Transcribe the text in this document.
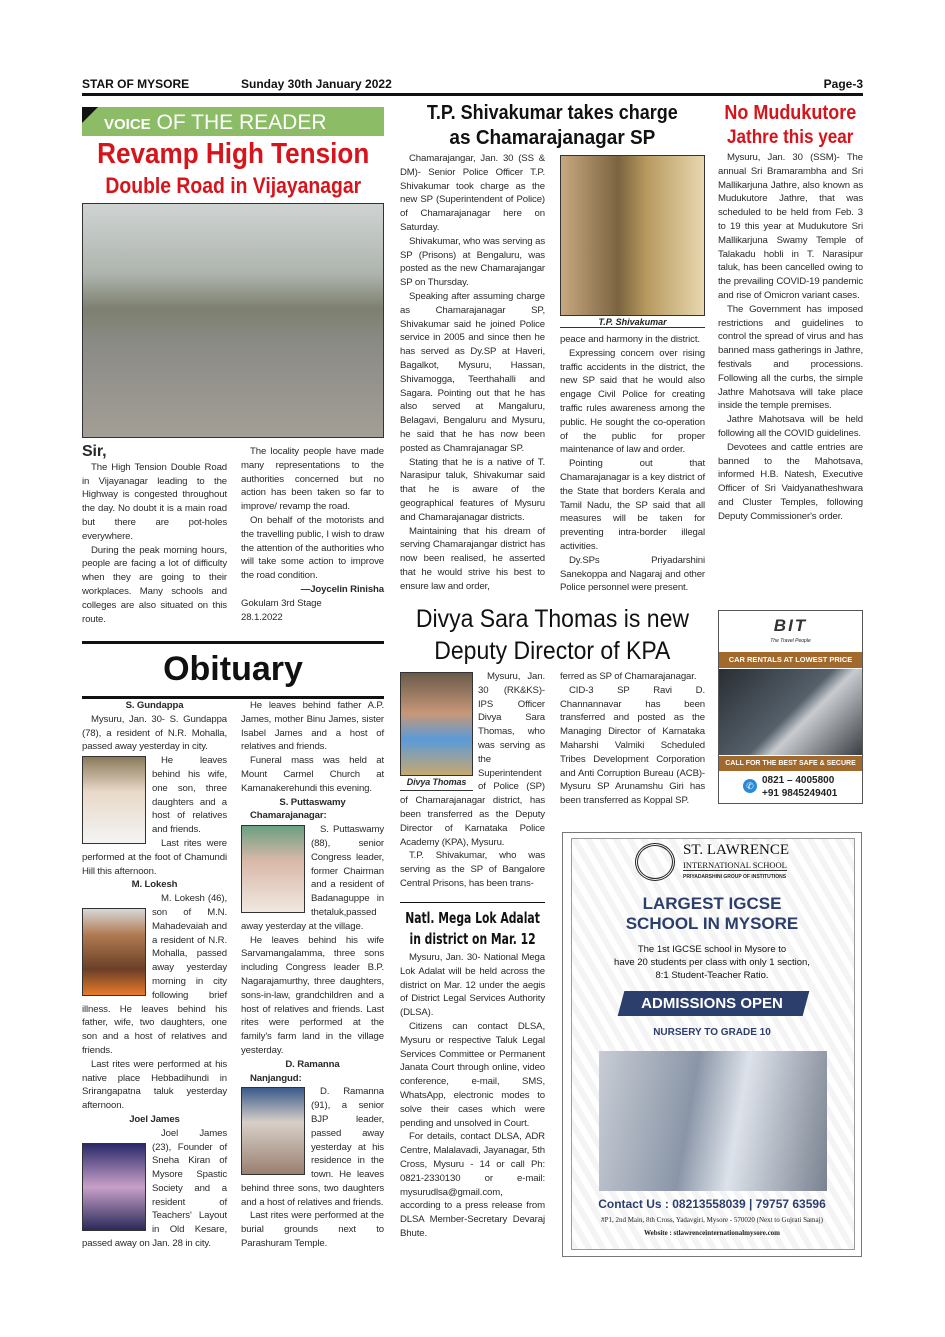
STAR OF MYSORE	Sunday 30th January 2022	Page-3
VOICE OF THE READER
Revamp High Tension
Double Road in Vijayanagar

Sir,

The High Tension Double Road in Vijayanagar leading to the Highway is congested throughout the day. No doubt it is a main road but there are pot-holes everywhere.

During the peak morning hours, people are facing a lot of difficulty when they are going to their workplaces. Many schools and colleges are also situated on this route.

The locality people have made many representations to the authorities concerned but no action has been taken so far to improve/ revamp the road.

On behalf of the motorists and the travelling public, I wish to draw the attention of the authorities who will take some action to improve the road condition.

—Joycelin Rinisha

Gokulam 3rd Stage

28.1.2022

Obituary
S. Gundappa

Mysuru, Jan. 30- S. Gundappa (78), a resident of N.R. Mohalla, passed away yesterday in city.

He leaves behind his wife, one son, three daughters and a host of relatives and friends.

Last rites were performed at the foot of Chamundi Hill this afternoon.

M. Lokesh

M. Lokesh (46), son of M.N. Mahadevaiah and a resident of N.R. Mohalla, passed away yesterday morning in city following brief illness. He leaves behind his father, wife, two daughters, one son and a host of relatives and friends.

Last rites were performed at his native place Hebbadihundi in Srirangapatna taluk yesterday afternoon.

Joel James

Joel James (23), Founder of Sneha Kiran of Mysore Spastic Society and a resident of Teachers' Layout in Old Kesare, passed away on Jan. 28 in city.

He leaves behind father A.P. James, mother Binu James, sister Isabel James and a host of relatives and friends.

Funeral mass was held at Mount Carmel Church at Kamanakerehundi this evening.

S. Puttaswamy

Chamarajanagar:

S. Puttaswamy (88), senior Congress leader, former Chairman and a resident of Badanaguppe in thetaluk,passed away yesterday at the village.

He leaves behind his wife Sarvamangalamma, three sons including Congress leader B.P. Nagarajamurthy, three daughters, sons-in-law, grandchildren and a host of relatives and friends. Last rites were performed at the family's farm land in the village yesterday.

D. Ramanna

Nanjangud:

D. Ramanna (91), a senior BJP leader, passed away yesterday at his residence in the town. He leaves behind three sons, two daughters and a host of relatives and friends.

Last rites were performed at the burial grounds next to Parashuram Temple.

T.P. Shivakumar takes charge
as Chamarajanagar SP

Chamarajangar, Jan. 30 (SS & DM)- Senior Police Officer T.P. Shivakumar took charge as the new SP (Superintendent of Police) of Chamarajanagar here on Saturday.

Shivakumar, who was serving as SP (Prisons) at Bengaluru, was posted as the new Chamarajangar SP on Thursday.

Speaking after assuming charge as Chamarajanagar SP, Shivakumar said he joined Police service in 2005 and since then he has served as Dy.SP at Haveri, Bagalkot, Mysuru, Hassan, Shivamogga, Teerthahalli and Sagara. Pointing out that he has also served at Mangaluru, Belagavi, Bengaluru and Mysuru, he said that he has now been posted as Chamrajanagar SP.

Stating that he is a native of T. Narasipur taluk, Shivakumar said that he is aware of the geographical features of Mysuru and Chamarajanagar districts.

Maintaining that his dream of serving Chamarajangar district has now been realised, he asserted that he would strive his best to ensure law and order,

T.P. Shivakumar

peace and harmony in the district.

Expressing concern over rising traffic accidents in the district, the new SP said that he would also engage Civil Police for creating traffic rules awareness among the public. He sought the co-operation of the public for proper maintenance of law and order.

Pointing out that Chamarajanagar is a key district of the State that borders Kerala and Tamil Nadu, the SP said that all measures will be taken for preventing intra-border illegal activities.

Dy.SPs Priyadarshini Sanekoppa and Nagaraj and other Police personnel were present.

No Mudukutore
Jathre this year

Mysuru, Jan. 30 (SSM)- The annual Sri Bramarambha and Sri Mallikarjuna Jathre, also known as Mudukutore Jathre, that was scheduled to be held from Feb. 3 to 19 this year at Mudukutore Sri Mallikarjuna Swamy Temple of Talakadu hobli in T. Narasipur taluk, has been cancelled owing to the prevailing COVID-19 pandemic and rise of Omicron variant cases.

The Government has imposed restrictions and guidelines to control the spread of virus and has banned mass gatherings in Jathre, festivals and processions. Following all the curbs, the simple Jathre Mahotsava will take place inside the temple premises.

Jathre Mahotsava will be held following all the COVID guidelines.

Devotees and cattle entries are banned to the Mahotsava, informed H.B. Natesh, Executive Officer of Sri Vaidyanatheshwara and Cluster Temples, following Deputy Commissioner's order.

Divya Sara Thomas is new
Deputy Director of KPA
Divya Thomas

Mysuru, Jan. 30 (RK&KS)- IPS Officer Divya Sara Thomas, who was serving as the Superintendent of Police (SP) of Chamarajanagar district, has been transferred as the Deputy Director of Karnataka Police Academy (KPA), Mysuru.

T.P. Shivakumar, who was serving as the SP of Bangalore Central Prisons, has been trans-

ferred as SP of Chamarajanagar.

CID-3 SP Ravi D. Channannavar has been transferred and posted as the Managing Director of Karnataka Maharshi Valmiki Scheduled Tribes Development Corporation and Anti Corruption Bureau (ACB)-Mysuru SP Arunamshu Giri has been transferred as Koppal SP.

Natl. Mega Lok Adalat
in district on Mar. 12

Mysuru, Jan. 30- National Mega Lok Adalat will be held across the district on Mar. 12 under the aegis of District Legal Services Authority (DLSA).

Citizens can contact DLSA, Mysuru or respective Taluk Legal Services Committee or Permanent Janata Court through online, video conference, e-mail, SMS, WhatsApp, electronic modes to solve their cases which were pending and unsolved in Court.

For details, contact DLSA, ADR Centre, Malalavadi, Jayanagar, 5th Cross, Mysuru - 14 or call Ph: 0821-2330130 or e-mail: mysurudlsa@gmail.com, according to a press release from DLSA Member-Secretary Devaraj Bhute.

BIT
The Travel People
CAR RENTALS AT LOWEST PRICE
CALL FOR THE BEST SAFE & SECURE
✆ 0821 – 4005800
+91 9845249401
ST. LAWRENCE
INTERNATIONAL SCHOOL
PRIYADARSHINI GROUP OF INSTITUTIONS
LARGEST IGCSE
SCHOOL IN MYSORE
The 1st IGCSE school in Mysore to
have 20 students per class with only 1 section,
8:1 Student-Teacher Ratio.
ADMISSIONS OPEN
NURSERY TO GRADE 10
Contact Us : 08213558039 | 79757 63596
#P1, 2nd Main, 8th Cross, Yadavgiri, Mysore - 570020 (Next to Gujrati Samaj)
Website : stlawrenceinternationalmysore.com
